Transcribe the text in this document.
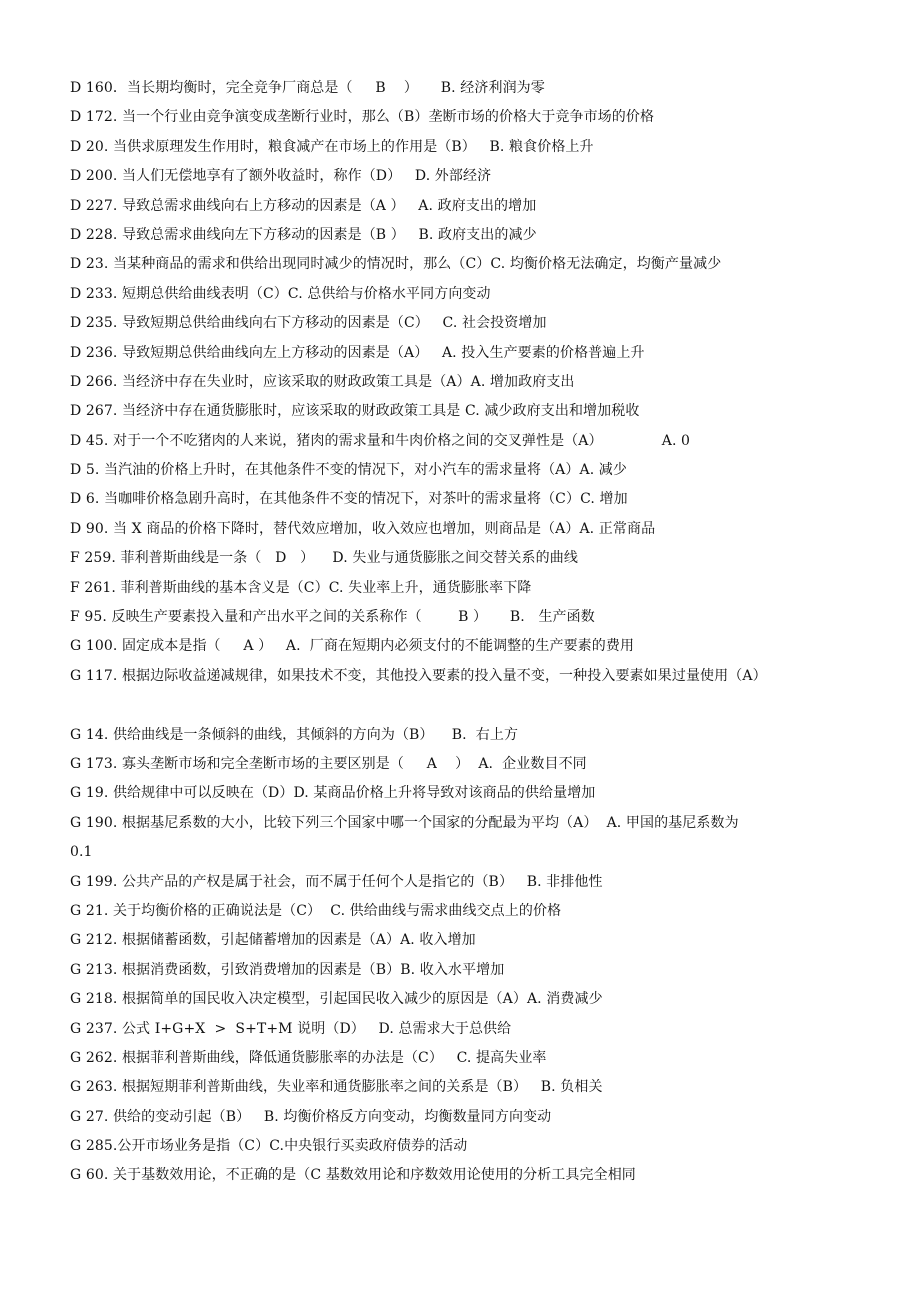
D 160．当长期均衡时，完全竞争厂商总是（     B    ）     B. 经济利润为零
D 172. 当一个行业由竞争演变成垄断行业时，那么（B）垄断市场的价格大于竞争市场的价格
D 20. 当供求原理发生作用时，粮食减产在市场上的作用是（B）   B. 粮食价格上升
D 200. 当人们无偿地享有了额外收益时，称作（D）   D. 外部经济
D 227. 导致总需求曲线向右上方移动的因素是（A ）   A. 政府支出的增加
D 228. 导致总需求曲线向左下方移动的因素是（B ）   B. 政府支出的减少
D 23. 当某种商品的需求和供给出现同时减少的情况时，那么（C）C. 均衡价格无法确定，均衡产量减少
D 233. 短期总供给曲线表明（C）C. 总供给与价格水平同方向变动
D 235. 导致短期总供给曲线向右下方移动的因素是（C）   C. 社会投资增加
D 236. 导致短期总供给曲线向左上方移动的因素是（A）   A. 投入生产要素的价格普遍上升
D 266. 当经济中存在失业时，应该采取的财政政策工具是（A）A. 增加政府支出
D 267. 当经济中存在通货膨胀时，应该采取的财政政策工具是 C. 减少政府支出和增加税收
D 45. 对于一个不吃猪肉的人来说，猪肉的需求量和牛肉价格之间的交叉弹性是（A）             A. 0
D 5. 当汽油的价格上升时，在其他条件不变的情况下，对小汽车的需求量将（A）A. 减少
D 6. 当咖啡价格急剧升高时，在其他条件不变的情况下，对茶叶的需求量将（C）C. 增加
D 90. 当 X 商品的价格下降时，替代效应增加，收入效应也增加，则商品是（A）A. 正常商品
F 259. 菲利普斯曲线是一条（   D   ）    D. 失业与通货膨胀之间交替关系的曲线
F 261. 菲利普斯曲线的基本含义是（C）C. 失业率上升，通货膨胀率下降
F 95. 反映生产要素投入量和产出水平之间的关系称作（        B ）     B.   生产函数
G 100. 固定成本是指（     A ）   A.  厂商在短期内必须支付的不能调整的生产要素的费用
G 117. 根据边际收益递减规律，如果技术不变，其他投入要素的投入量不变，一种投入要素如果过量使用（A）
G 14. 供给曲线是一条倾斜的曲线，其倾斜的方向为（B）    B.  右上方
G 173. 寡头垄断市场和完全垄断市场的主要区别是（     A    ）  A.  企业数目不同
G 19. 供给规律中可以反映在（D）D. 某商品价格上升将导致对该商品的供给量增加
G 190. 根据基尼系数的大小，比较下列三个国家中哪一个国家的分配最为平均（A）  A. 甲国的基尼系数为
0.1
G 199. 公共产品的产权是属于社会，而不属于任何个人是指它的（B）   B. 非排他性
G 21. 关于均衡价格的正确说法是（C）  C. 供给曲线与需求曲线交点上的价格
G 212. 根据储蓄函数，引起储蓄增加的因素是（A）A. 收入增加
G 213. 根据消费函数，引致消费增加的因素是（B）B. 收入水平增加
G 218. 根据简单的国民收入决定模型，引起国民收入减少的原因是（A）A. 消费减少
G 237. 公式 I+G+X  >  S+T+M 说明（D）   D. 总需求大于总供给
G 262. 根据菲利普斯曲线，降低通货膨胀率的办法是（C）   C. 提高失业率
G 263. 根据短期菲利普斯曲线，失业率和通货膨胀率之间的关系是（B）   B. 负相关
G 27. 供给的变动引起（B）   B. 均衡价格反方向变动，均衡数量同方向变动
G 285.公开市场业务是指（C）C.中央银行买卖政府债券的活动
G 60. 关于基数效用论，不正确的是（C 基数效用论和序数效用论使用的分析工具完全相同
